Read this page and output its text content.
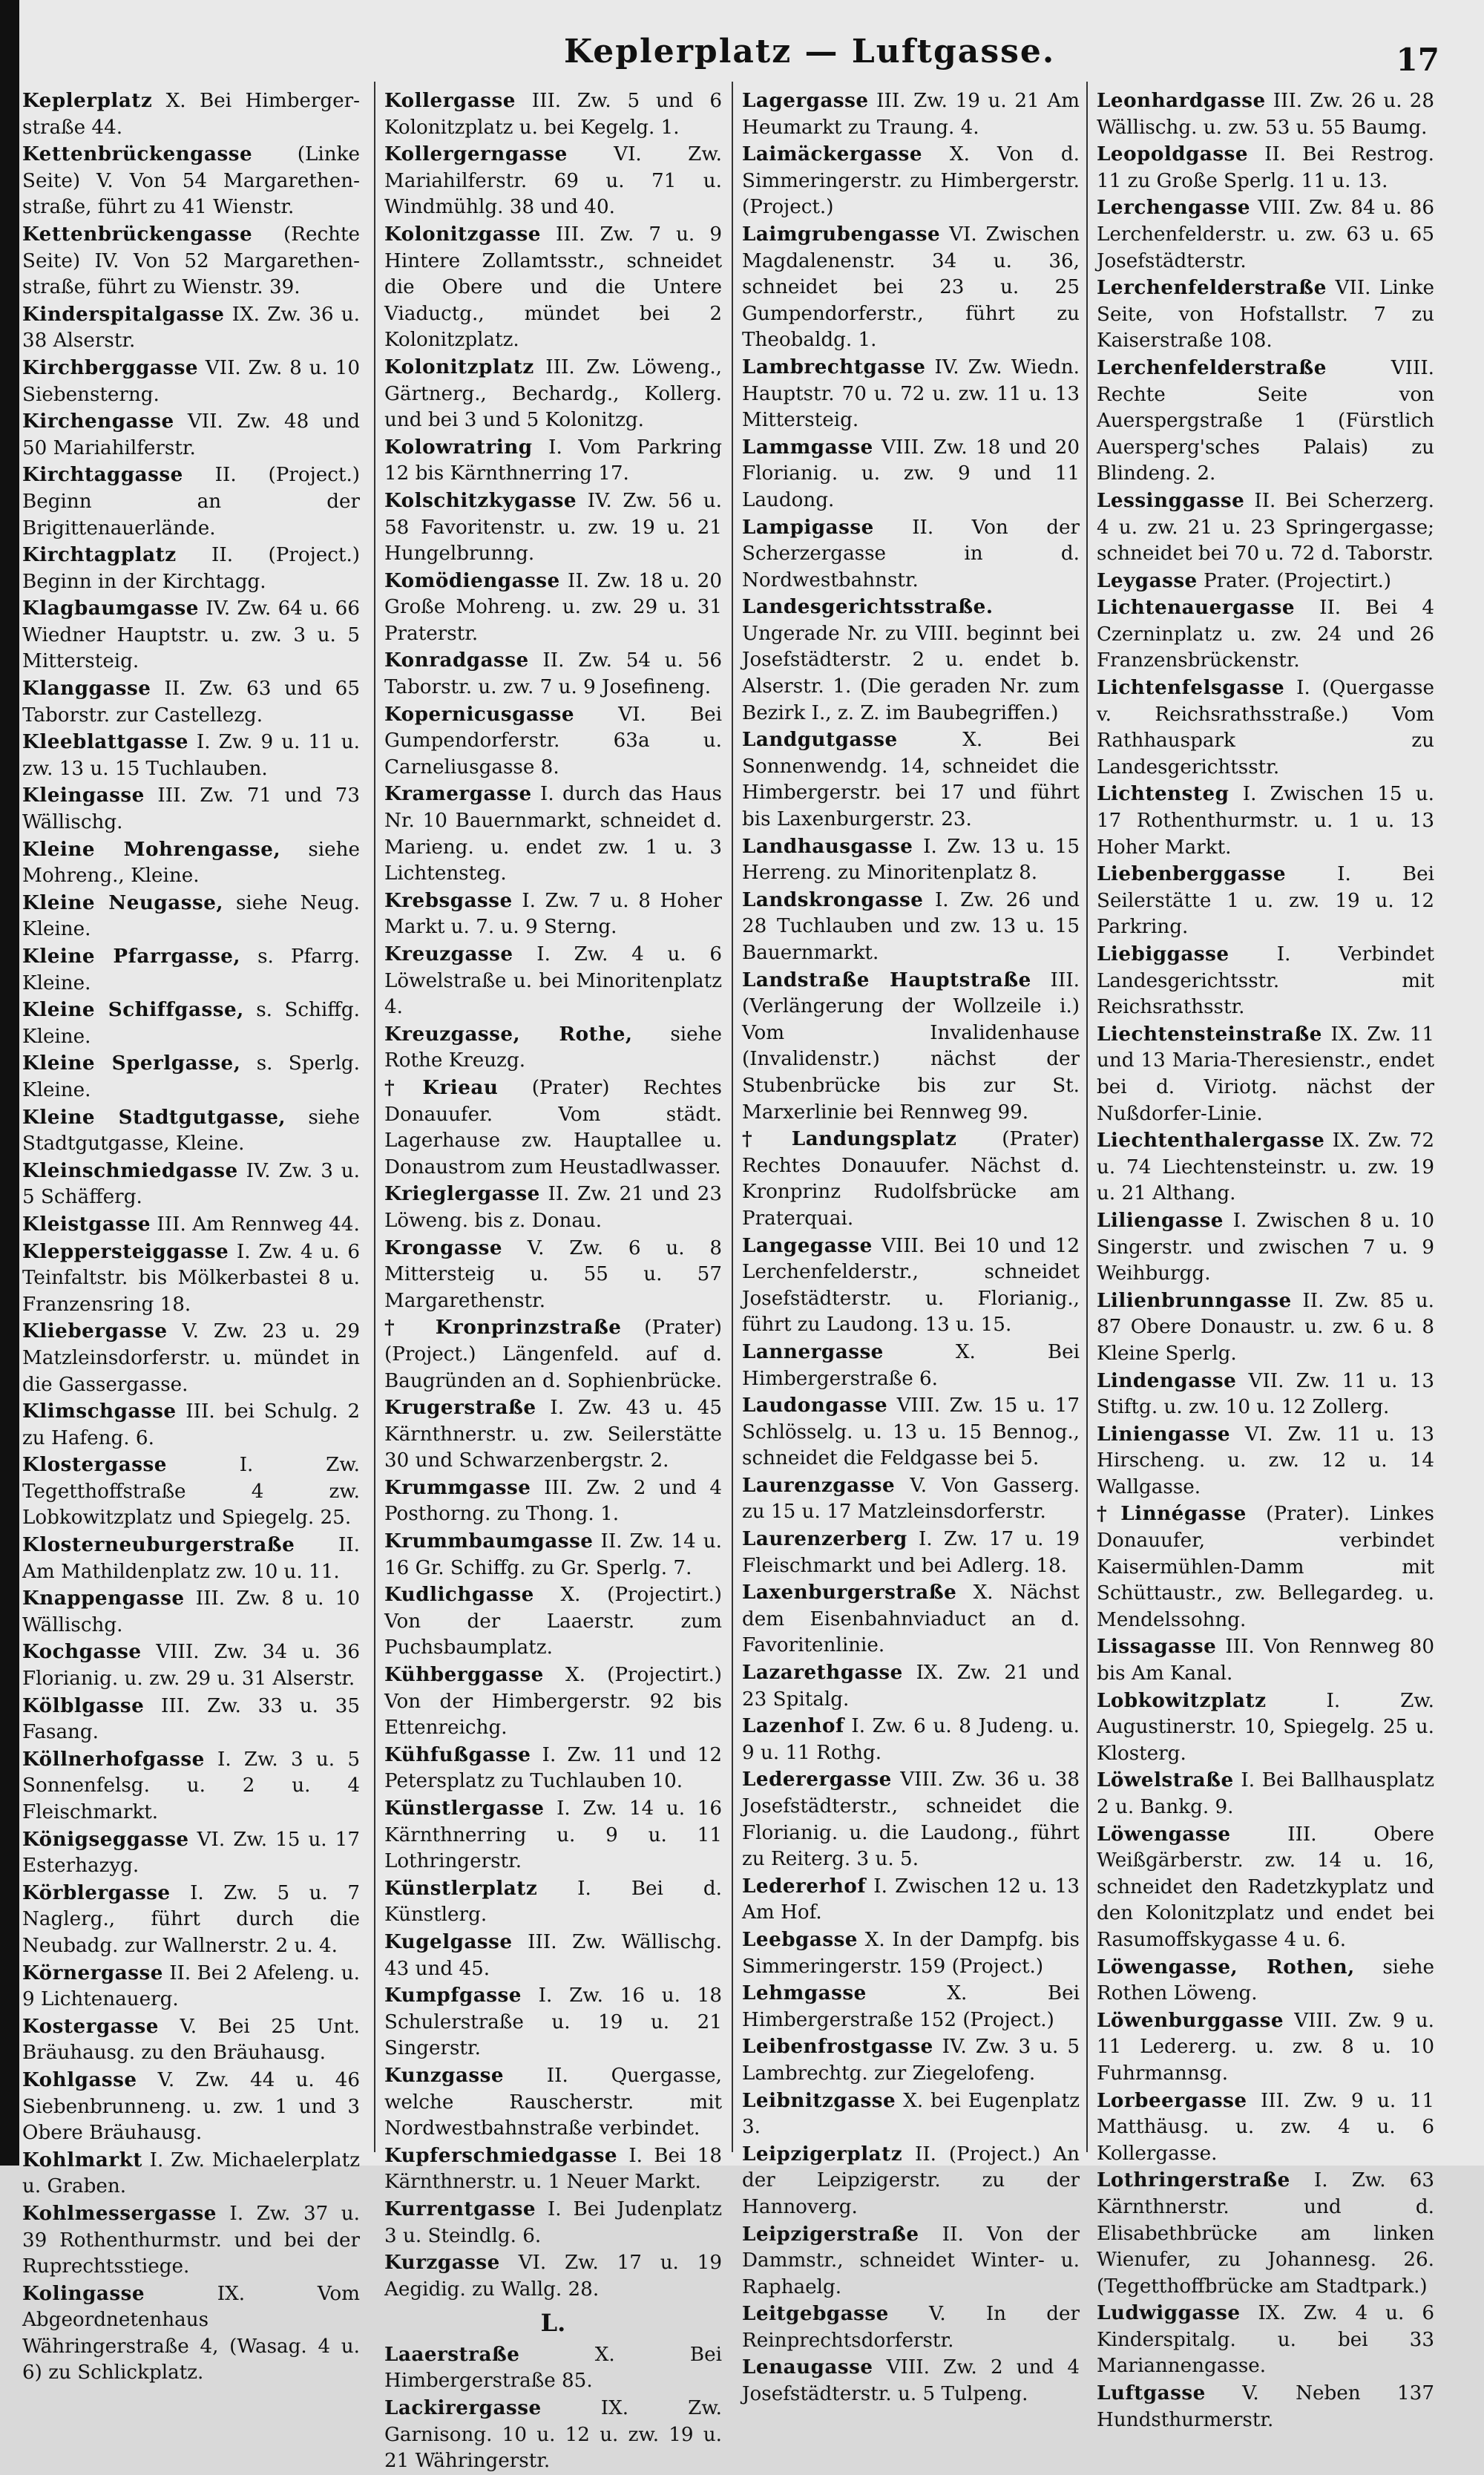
Keplerplatz — Luftgasse.	17
Keplerplatz X. Bei Himberger-straße 44.
Kettenbrückengasse (Linke Seite) V. Von 54 Margarethen-straße, führt zu 41 Wienstr.
Kettenbrückengasse (Rechte Seite) IV. Von 52 Margarethen-straße, führt zu Wienstr. 39.
Kinderspitalgasse IX. Zw. 36 u. 38 Alserstr.
Kirchberggasse VII. Zw. 8 u. 10 Siebensterng.
Kirchengasse VII. Zw. 48 und 50 Mariahilferstr.
Kirchtaggasse II. (Project.) Beginn an der Brigittenauerlände.
Kirchtagplatz II. (Project.) Beginn in der Kirchtagg.
Klagbaumgasse IV. Zw. 64 u. 66 Wiedner Hauptstr. u. zw. 3 u. 5 Mittersteig.
Klanggasse II. Zw. 63 und 65 Taborstr. zur Castellezg.
Kleeblattgasse I. Zw. 9 u. 11 u. zw. 13 u. 15 Tuchlauben.
Kleingasse III. Zw. 71 und 73 Wällischg.
Kleine Mohrengasse, siehe Mohreng., Kleine.
Kleine Neugasse, siehe Neug. Kleine.
Kleine Pfarrgasse, s. Pfarrg. Kleine.
Kleine Schiffgasse, s. Schiffg. Kleine.
Kleine Sperlgasse, s. Sperlg. Kleine.
Kleine Stadtgutgasse, siehe Stadtgutgasse, Kleine.
Kleinschmiedgasse IV. Zw. 3 u. 5 Schäfferg.
Kleistgasse III. Am Rennweg 44.
Klepperstеiggasse I. Zw. 4 u. 6 Teinfaltstr. bis Mölkerbastei 8 u. Franzensring 18.
Kliebergasse V. Zw. 23 u. 29 Matzleinsdorferstr. u. mündet in die Gassergasse.
Klimschgasse III. bei Schulg. 2 zu Hafeng. 6.
Klostergasse I. Zw. Tegetthoffstraße 4 zw. Lobkowitzplatz und Spiegelg. 25.
Klosterneuburgerstraße II. Am Mathildenplatz zw. 10 u. 11.
Knappengasse III. Zw. 8 u. 10 Wällischg.
Kochgasse VIII. Zw. 34 u. 36 Florianig. u. zw. 29 u. 31 Alserstr.
Kölblgasse III. Zw. 33 u. 35 Fasang.
Köllnerhofgasse I. Zw. 3 u. 5 Sonnenfelsg. u. 2 u. 4 Fleischmarkt.
Königseggasse VI. Zw. 15 u. 17 Esterhazyg.
Körblergasse I. Zw. 5 u. 7 Naglerg., führt durch die Neubadg. zur Wallnerstr. 2 u. 4.
Körnergasse II. Bei 2 Afeleng. u. 9 Lichtenauerg.
Kostergasse V. Bei 25 Unt. Bräuhausg. zu den Bräuhausg.
Kohlgasse V. Zw. 44 u. 46 Siebenbrunneng. u. zw. 1 und 3 Obere Bräuhausg.
Kohlmarkt I. Zw. Michaelerplatz u. Graben.
Kohlmessergasse I. Zw. 37 u. 39 Rothenthurmstr. und bei der Ruprechtsstiege.
Kolingasse IX. Vom Abgeordnetenhaus Währingerstraße 4, (Wasag. 4 u. 6) zu Schlickplatz.
Kollergasse III. Zw. 5 und 6 Kolonitzplatz u. bei Kegelg. 1.
Kollergerngasse VI. Zw. Mariahilferstr. 69 u. 71 u. Windmühlg. 38 und 40.
Kolonitzgasse III. Zw. 7 u. 9 Hintere Zollamtsstr., schneidet die Obere und die Untere Viaductg., mündet bei 2 Kolonitzplatz.
Kolonitzplatz III. Zw. Löweng., Gärtnerg., Bechardg., Kollerg. und bei 3 und 5 Kolonitzg.
Kolowratring I. Vom Parkring 12 bis Kärnthnerring 17.
Kolschitzkygasse IV. Zw. 56 u. 58 Favoritenstr. u. zw. 19 u. 21 Hungelbrunng.
Komödiengasse II. Zw. 18 u. 20 Große Mohreng. u. zw. 29 u. 31 Praterstr.
Konradgasse II. Zw. 54 u. 56 Taborstr. u. zw. 7 u. 9 Josefineng.
Kopernicusgasse VI. Bei Gumpendorferstr. 63a u. Carneliusgasse 8.
Kramergasse I. durch das Haus Nr. 10 Bauernmarkt, schneidet d. Marieng. u. endet zw. 1 u. 3 Lichtensteg.
Krebsgasse I. Zw. 7 u. 8 Hoher Markt u. 7. u. 9 Sterng.
Kreuzgasse I. Zw. 4 u. 6 Löwelstraße u. bei Minoritenplatz 4.
Kreuzgasse, Rothe, siehe Rothe Kreuzg.
†Krieau (Prater) Rechtes Donauufer. Vom städt. Lagerhause zw. Hauptallee u. Donaustrom zum Heustadlwasser.
Krieglergasse II. Zw. 21 und 23 Löweng. bis z. Donau.
Krongasse V. Zw. 6 u. 8 Mittersteig u. 55 u. 57 Margarethenstr.
† Kronprinzstraße (Prater) (Project.) Längenfeld. auf d. Baugründen an d. Sophienbrücke.
Krugerstraße I. Zw. 43 u. 45 Kärnthnerstr. u. zw. Seilerstätte 30 und Schwarzenbergstr. 2.
Krummgasse III. Zw. 2 und 4 Posthorng. zu Thong. 1.
Krummbaumgasse II. Zw. 14 u. 16 Gr. Schiffg. zu Gr. Sperlg. 7.
Kudlichgasse X. (Projectirt.) Von der Laaerstr. zum Puchsbaumplatz.
Kühberggasse X. (Projectirt.) Von der Himbergerstr. 92 bis Ettenreichg.
Kühfußgasse I. Zw. 11 und 12 Petersplatz zu Tuchlauben 10.
Künstlergasse I. Zw. 14 u. 16 Kärnthnerring u. 9 u. 11 Lothringerstr.
Künstlerplatz I. Bei d. Künstlerg.
Kugelgasse III. Zw. Wällischg. 43 und 45.
Kumpfgasse I. Zw. 16 u. 18 Schulerstraße u. 19 u. 21 Singerstr.
Kunzgasse II. Quergasse, welche Rauscherstr. mit Nordwestbahnstraße verbindet.
Kupferschmiedgasse I. Bei 18 Kärnthnerstr. u. 1 Neuer Markt.
Kurrentgasse I. Bei Judenplatz 3 u. Steindlg. 6.
Kurzgasse VI. Zw. 17 u. 19 Aegidig. zu Wallg. 28.
L.
Laaerstraße X. Bei Himbergerstraße 85.
Lackirergasse IX. Zw. Garnisong. 10 u. 12 u. zw. 19 u. 21 Währingerstr.
Lagergasse III. Zw. 19 u. 21 Am Heumarkt zu Traung. 4.
Laimäckergasse X. Von d. Simmeringerstr. zu Himbergerstr. (Project.)
Laimgrubengasse VI. Zwischen Magdalenenstr. 34 u. 36, schneidet bei 23 u. 25 Gumpendorferstr., führt zu Theobaldg. 1.
Lambrechtgasse IV. Zw. Wiedn. Hauptstr. 70 u. 72 u. zw. 11 u. 13 Mittersteig.
Lammgasse VIII. Zw. 18 und 20 Florianig. u. zw. 9 und 11 Laudong.
Lampigasse II. Von der Scherzergasse in d. Nordwestbahnstr.
Landesgerichtsstraße. Ungerade Nr. zu VIII. beginnt bei Josefstädterstr. 2 u. endet b. Alserstr. 1. (Die geraden Nr. zum Bezirk I., z. Z. im Baubegriffen.)
Landgutgasse X. Bei Sonnenwendg. 14, schneidet die Himbergerstr. bei 17 und führt bis Laxenburgerstr. 23.
Landhausgasse I. Zw. 13 u. 15 Herreng. zu Minoritenplatz 8.
Landskrongasse I. Zw. 26 und 28 Tuchlauben und zw. 13 u. 15 Bauernmarkt.
Landstraße Hauptstraße III. (Verlängerung der Wollzeile i.) Vom Invalidenhause (Invalidenstr.) nächst der Stubenbrücke bis zur St. Marxerlinie bei Rennweg 99.
†Landungsplatz (Prater) Rechtes Donauufer. Nächst d. Kronprinz Rudolfsbrücke am Praterquai.
Langegasse VIII. Bei 10 und 12 Lerchenfelderstr., schneidet Josefstädterstr. u. Florianig., führt zu Laudong. 13 u. 15.
Lannergasse X. Bei Himbergerstraße 6.
Laudongasse VIII. Zw. 15 u. 17 Schlösselg. u. 13 u. 15 Bennog., schneidet die Feldgasse bei 5.
Laurenzgasse V. Von Gasserg. zu 15 u. 17 Matzleinsdorferstr.
Laurenzerberg I. Zw. 17 u. 19 Fleischmarkt und bei Adlerg. 18.
Laxenburgerstraße X. Nächst dem Eisenbahnviaduct an d. Favoritenlinie.
Lazarethgasse IX. Zw. 21 und 23 Spitalg.
Lazenhof I. Zw. 6 u. 8 Judeng. u. 9 u. 11 Rothg.
Lederergasse VIII. Zw. 36 u. 38 Josefstädterstr., schneidet die Florianig. u. die Laudong., führt zu Reiterg. 3 u. 5.
Ledererhof I. Zwischen 12 u. 13 Am Hof.
Leebgasse X. In der Dampfg. bis Simmeringerstr. 159 (Project.)
Lehmgasse X. Bei Himbergerstraße 152 (Project.)
Leibenfrostgasse IV. Zw. 3 u. 5 Lambrechtg. zur Ziegelofeng.
Leibnitzgasse X. bei Eugenplatz 3.
Leipzigerplatz II. (Project.) An der Leipzigerstr. zu der Hannoverg.
Leipzigerstraße II. Von der Dammstr., schneidet Winter- u. Raphaelg.
Leitgebgasse V. In der Reinprechtsdorferstr.
Lenaugasse VIII. Zw. 2 und 4 Josefstädterstr. u. 5 Tulpeng.
Leonhardgasse III. Zw. 26 u. 28 Wällischg. u. zw. 53 u. 55 Baumg.
Leopoldgasse II. Bei Restrog. 11 zu Große Sperlg. 11 u. 13.
Lerchengasse VIII. Zw. 84 u. 86 Lerchenfelderstr. u. zw. 63 u. 65 Josefstädterstr.
Lerchenfelderstraße VII. Linke Seite, von Hofstallstr. 7 zu Kaiserstraße 108.
Lerchenfelderstraße VIII. Rechte Seite von Auerspergstraße 1 (Fürstlich Auersperg'sches Palais) zu Blindeng. 2.
Lessinggasse II. Bei Scherzerg. 4 u. zw. 21 u. 23 Springergasse; schneidet bei 70 u. 72 d. Taborstr.
Leygasse Prater. (Projectirt.)
Lichtenauergasse II. Bei 4 Czerninplatz u. zw. 24 und 26 Franzensbrückenstr.
Lichtenfelsgasse I. (Quergasse v. Reichsrathsstraße.) Vom Rathhauspark zu Landesgerichtsstr.
Lichtensteg I. Zwischen 15 u. 17 Rothenthurmstr. u. 1 u. 13 Hoher Markt.
Liebenberggasse I. Bei Seilerstätte 1 u. zw. 19 u. 12 Parkring.
Liebiggasse I. Verbindet Landesgerichtsstr. mit Reichsrathsstr.
Liechtensteinstraße IX. Zw. 11 und 13 Maria-Theresienstr., endet bei d. Viriotg. nächst der Nußdorfer-Linie.
Liechtenthalergasse IX. Zw. 72 u. 74 Liechtensteinstr. u. zw. 19 u. 21 Althang.
Liliengasse I. Zwischen 8 u. 10 Singerstr. und zwischen 7 u. 9 Weihburgg.
Lilienbrunngasse II. Zw. 85 u. 87 Obere Donaustr. u. zw. 6 u. 8 Kleine Sperlg.
Lindengasse VII. Zw. 11 u. 13 Stiftg. u. zw. 10 u. 12 Zollerg.
Liniengasse VI. Zw. 11 u. 13 Hirscheng. u. zw. 12 u. 14 Wallgasse.
†Linnégasse (Prater). Linkes Donauufer, verbindet Kaisermühlen-Damm mit Schüttaustr., zw. Bellegardeg. u. Mendelssohng.
Lissagasse III. Von Rennweg 80 bis Am Kanal.
Lobkowitzplatz I. Zw. Augustinerstr. 10, Spiegelg. 25 u. Klosterg.
Löwelstraße I. Bei Ballhausplatz 2 u. Bankg. 9.
Löwengasse III. Obere Weißgärberstr. zw. 14 u. 16, schneidet den Radetzkyplatz und den Kolonitzplatz und endet bei Rasumoffskygasse 4 u. 6.
Löwengasse, Rothen, siehe Rothen Löweng.
Löwenburggasse VIII. Zw. 9 u. 11 Ledererg. u. zw. 8 u. 10 Fuhrmannsg.
Lorbeergasse III. Zw. 9 u. 11 Matthäusg. u. zw. 4 u. 6 Kollergasse.
Lothringerstraße I. Zw. 63 Kärnthnerstr. und d. Elisabethbrücke am linken Wienufer, zu Johannesg. 26. (Tegetthoffbrücke am Stadtpark.)
Ludwiggasse IX. Zw. 4 u. 6 Kinderspitalg. u. bei 33 Mariannengasse.
Luftgasse V. Neben 137 Hundsthurmerstr.
